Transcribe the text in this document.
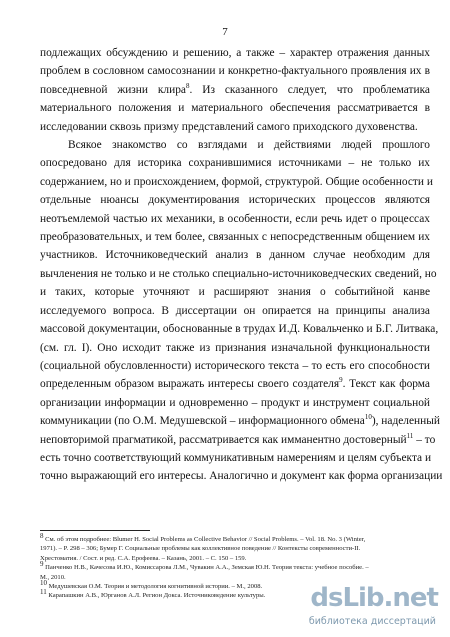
7
подлежащих обсуждению и решению, а также – характер отражения данных
проблем в сословном самосознании и конкретно-фактуального проявления их в
повседневной жизни клира$^8$. Из сказанного следует, что проблематика
материального положения и материального обеспечения рассматривается в
исследовании сквозь призму представлений самого приходского духовенства.
Всякое знакомство со взглядами и действиями людей прошлого
опосредовано для историка сохранившимися источниками – не только их
содержанием, но и происхождением, формой, структурой. Общие особенности и
отдельные нюансы документирования исторических процессов являются
неотъемлемой частью их механики, в особенности, если речь идет о процессах
преобразовательных, и тем более, связанных с непосредственным общением их
участников. Источниковедческий анализ в данном случае необходим для
вычленения не только и не столько специально-источниковедческих сведений, но
и таких, которые уточняют и расширяют знания о событийной канве
исследуемого вопроса. В диссертации он опирается на принципы анализа
массовой документации, обоснованные в трудах И.Д. Ковальченко и Б.Г. Литвака,
(см. гл. I). Оно исходит также из признания изначальной функциональности
(социальной обусловленности) исторического текста – то есть его способности
определенным образом выражать интересы своего создателя$^9$. Текст как форма
организации информации и одновременно – продукт и инструмент социальной
коммуникации (по О.М. Медушевской – информационного обмена$^{10}$), наделенный
неповторимой прагматикой, рассматривается как имманентно достоверный$^{11}$ – то
есть точно соответствующий коммуникативным намерениям и целям субъекта и
точно выражающий его интересы. Аналогично и документ как форма организации
$^8$ См. об этом подробнее: Blumer H. Social Problems as Collective Behavior // Social Problems. – Vol. 18. No. 3 (Winter,
1971). – P. 298 – 306; Бумер Г. Социальные проблемы как коллективное поведение // Контексты современности-II.
Хрестоматия. / Сост. и ред. С.А. Ерофеева. – Казань, 2001. – С. 150 – 159.
$^9$ Панченко Н.В., Качесова И.Ю., Комиссарова Л.М., Чувакин А.А., Земская Ю.Н. Теория текста: учебное пособие. –
М., 2010.
$^{10}$ Медушевская О.М. Теория и методология когнитивной истории. – М., 2008.
$^{11}$ Карапашкин А.В., Юрганов А.Л. Регион Докса. Источниковедение культуры.	dsLib.net
библиотека диссертаций
